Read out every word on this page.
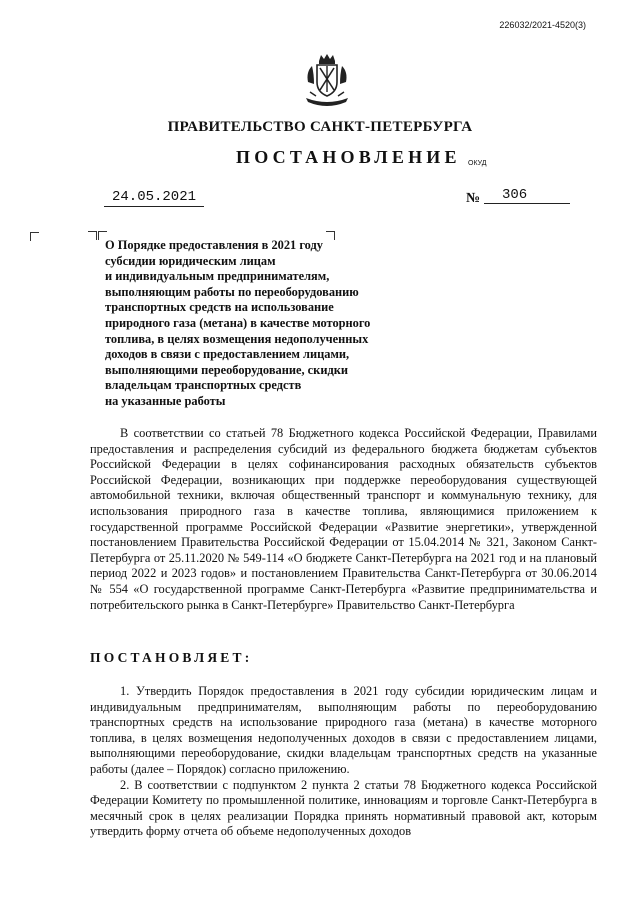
226032/2021-4520(3)
ПРАВИТЕЛЬСТВО САНКТ-ПЕТЕРБУРГА
ПОСТАНОВЛЕНИЕ ОКУД
24.05.2021	№	306
О Порядке предоставления в 2021 году
субсидии юридическим лицам
и индивидуальным предпринимателям,
выполняющим работы по переоборудованию
транспортных средств на использование
природного газа (метана) в качестве моторного
топлива, в целях возмещения недополученных
доходов в связи с предоставлением лицами,
выполняющими переоборудование, скидки
владельцам транспортных средств
на указанные работы

В соответствии со статьей 78 Бюджетного кодекса Российской Федерации, Правилами предоставления и распределения субсидий из федерального бюджета бюджетам субъектов Российской Федерации в целях софинансирования расходных обязательств субъектов Российской Федерации, возникающих при поддержке переоборудования существующей автомобильной техники, включая общественный транспорт и коммунальную технику, для использования природного газа в качестве топлива, являющимися приложением к государственной программе Российской Федерации «Развитие энергетики», утвержденной постановлением Правительства Российской Федерации от 15.04.2014 № 321, Законом Санкт-Петербурга от 25.11.2020 № 549-114 «О бюджете Санкт-Петербурга на 2021 год и на плановый период 2022 и 2023 годов» и постановлением Правительства Санкт-Петербурга от 30.06.2014 № 554 «О государственной программе Санкт-Петербурга «Развитие предпринимательства и потребительского рынка в Санкт-Петербурге» Правительство Санкт-Петербурга

ПОСТАНОВЛЯЕТ:

1. Утвердить Порядок предоставления в 2021 году субсидии юридическим лицам и индивидуальным предпринимателям, выполняющим работы по переоборудованию транспортных средств на использование природного газа (метана) в качестве моторного топлива, в целях возмещения недополученных доходов в связи с предоставлением лицами, выполняющими переоборудование, скидки владельцам транспортных средств на указанные работы (далее – Порядок) согласно приложению.

2. В соответствии с подпунктом 2 пункта 2 статьи 78 Бюджетного кодекса Российской Федерации Комитету по промышленной политике, инновациям и торговле Санкт-Петербурга в месячный срок в целях реализации Порядка принять нормативный правовой акт, которым утвердить форму отчета об объеме недополученных доходов
